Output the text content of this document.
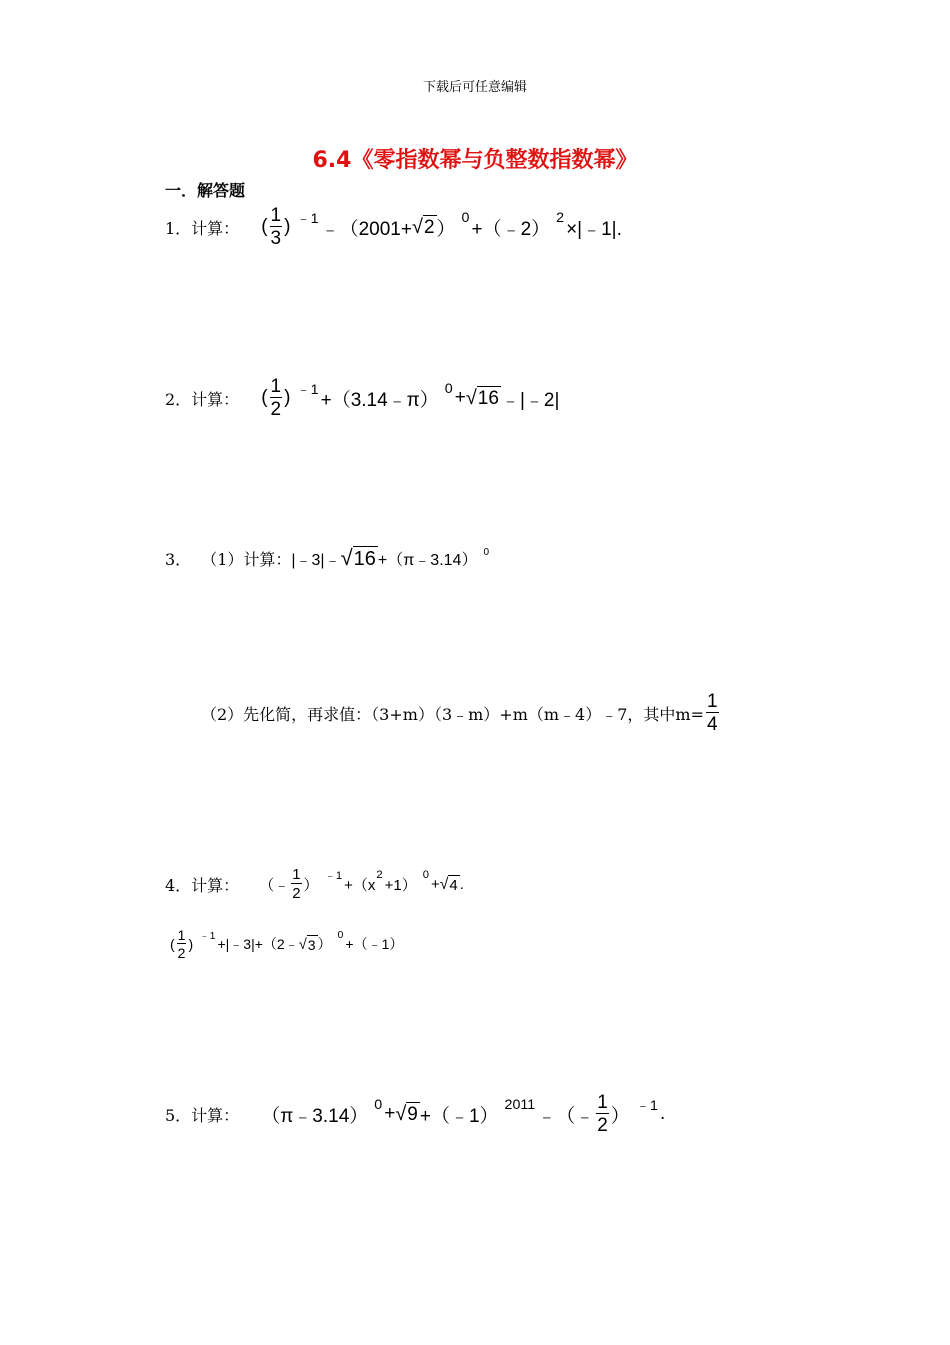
下载后可任意编辑
6.4《零指数幂与负整数指数幂》
一．解答题
1．计算： ( $\frac{1}{3}$ ) ﹣1 ﹣（2001+ √ 2 ）
0
+（﹣2）
2
×|﹣1|.
2．计算： ( $\frac{1}{2}$ ) ﹣1 +（3.14﹣π）
0 + √ 16 ﹣|﹣2|
3． （1）计算： |﹣3|﹣ √ 16 +（π﹣3.14） 0
（2）先化简，再求值：（3+m）（3﹣m）+m（m﹣4）﹣7，其中$m= \frac{1}{4}$
4．计算： （﹣ $\frac{1}{2}$ ）
﹣1
+（x
2
+1）
0
+ √ 4 .
( $\frac{1}{2}$ )
﹣1
+|﹣3|+（2﹣ √ 3 ）
0
+（﹣1）
5．计算： （π﹣3.14）
0 + √ 9 +（﹣1）
2011
﹣（﹣ $\frac{1}{2}$ ） ﹣1 .
